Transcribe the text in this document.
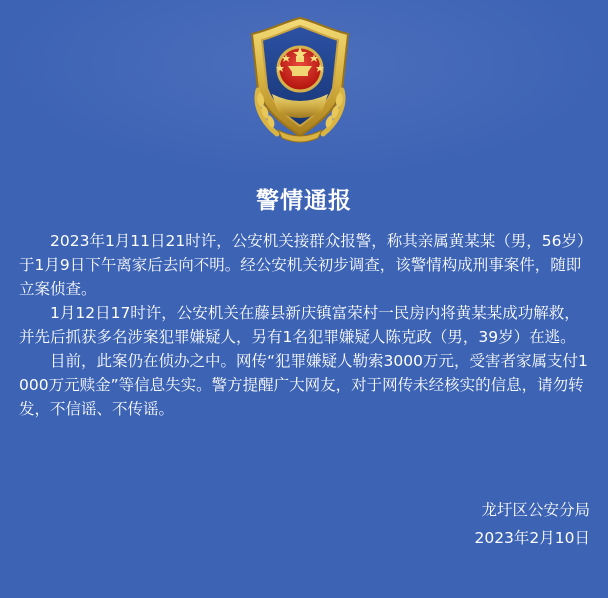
警情通报

2023年1月11日21时许，公安机关接群众报警，称其亲属黄某某（男，56岁）于1月9日下午离家后去向不明。经公安机关初步调查，该警情构成刑事案件，随即立案侦查。

1月12日17时许，公安机关在藤县新庆镇富荣村一民房内将黄某某成功解救，并先后抓获多名涉案犯罪嫌疑人，另有1名犯罪嫌疑人陈克政（男，39岁）在逃。

目前，此案仍在侦办之中。网传“犯罪嫌疑人勒索3000万元，受害者家属支付1000万元赎金”等信息失实。警方提醒广大网友，对于网传未经核实的信息，请勿转发，不信谣、不传谣。

龙圩区公安分局
2023年2月10日
